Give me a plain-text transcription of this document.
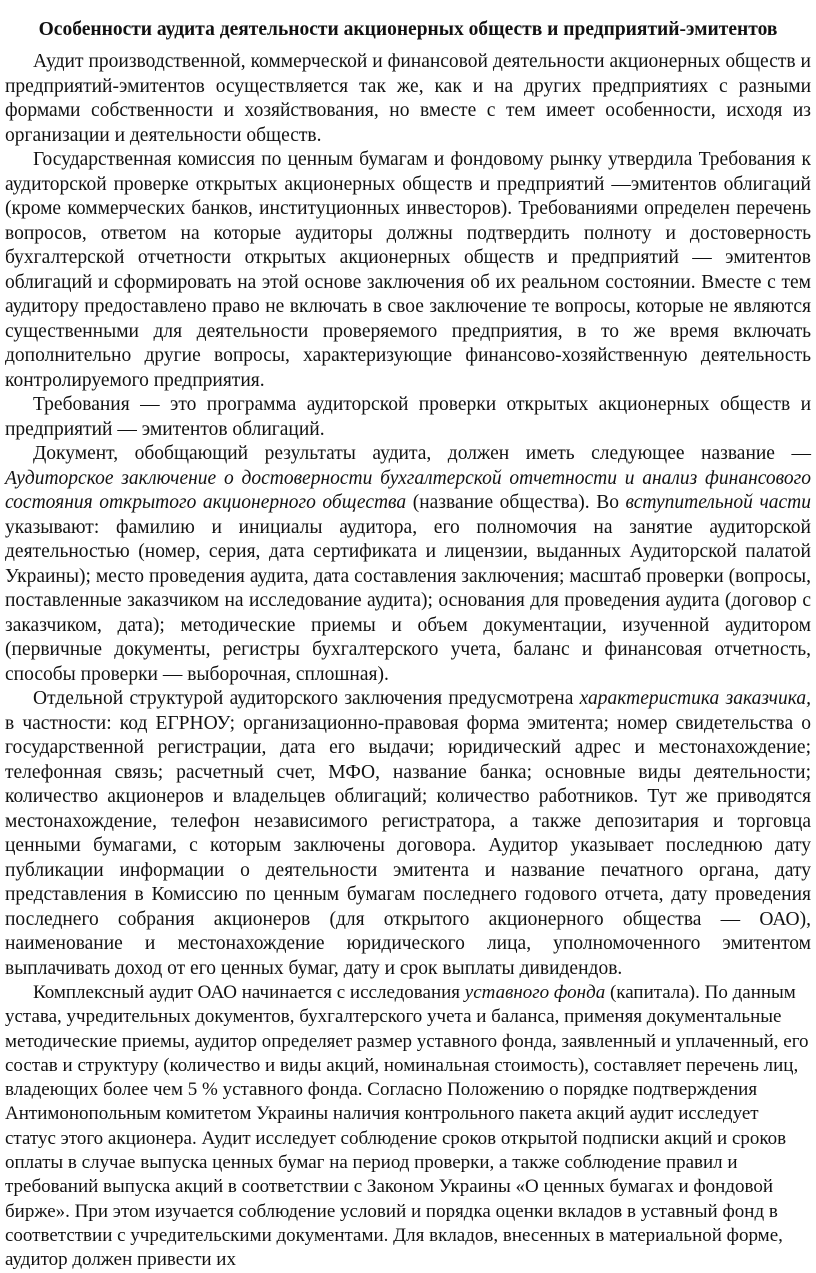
Особенности аудита деятельности акционерных обществ и предприятий-эмитентов

Аудит производственной, коммерческой и финансовой деятельности акционерных обществ и предприятий-эмитентов осуществляется так же, как и на других предприятиях с разными формами собственности и хозяйствования, но вместе с тем имеет особенности, исходя из организации и деятельности обществ.

Государственная комиссия по ценным бумагам и фондовому рынку утвердила Требования к аудиторской проверке открытых акционерных обществ и предприятий —эмитентов облигаций (кроме коммерческих банков, институционных инвесторов). Требованиями определен перечень вопросов, ответом на которые аудиторы должны подтвердить полноту и достоверность бухгалтерской отчетности открытых акционерных обществ и предприятий — эмитентов облигаций и сформировать на этой основе заключения об их реальном состоянии. Вместе с тем аудитору предоставлено право не включать в свое заключение те вопросы, которые не являются существенными для деятельности проверяемого предприятия, в то же время включать дополнительно другие вопросы, характеризующие финансово-хозяйственную деятельность контролируемого предприятия.

Требования — это программа аудиторской проверки открытых акционерных обществ и предприятий — эмитентов облигаций.

Документ, обобщающий результаты аудита, должен иметь следующее название — Аудиторское заключение о достоверности бухгалтерской отчетности и анализ финансового состояния открытого акционерного общества (название общества). Во вступительной части указывают: фамилию и инициалы аудитора, его полномочия на занятие аудиторской деятельностью (номер, серия, дата сертификата и лицензии, выданных Аудиторской палатой Украины); место проведения аудита, дата составления заключения; масштаб проверки (вопросы, поставленные заказчиком на исследование аудита); основания для проведения аудита (договор с заказчиком, дата); методические приемы и объем документации, изученной аудитором (первичные документы, регистры бухгалтерского учета, баланс и финансовая отчетность, способы проверки — выборочная, сплошная).

Отдельной структурой аудиторского заключения предусмотрена характеристика заказчика, в частности: код ЕГРНОУ; организационно-правовая форма эмитента; номер свидетельства о государственной регистрации, дата его выдачи; юридический адрес и местонахождение; телефонная связь; расчетный счет, МФО, название банка; основные виды деятельности; количество акционеров и владельцев облигаций; количество работников. Тут же приводятся местонахождение, телефон независимого регистратора, а также депозитария и торговца ценными бумагами, с которым заключены договора. Аудитор указывает последнюю дату публикации информации о деятельности эмитента и название печатного органа, дату представления в Комиссию по ценным бумагам последнего годового отчета, дату проведения последнего собрания акционеров (для открытого акционерного общества — ОАО), наименование и местонахождение юридического лица, уполномоченного эмитентом выплачивать доход от его ценных бумаг, дату и срок выплаты дивидендов.

Комплексный аудит ОАО начинается с исследования уставного фонда (капитала). По данным устава, учредительных документов, бухгалтерского учета и баланса, применяя документальные методические приемы, аудитор определяет размер уставного фонда, заявленный и уплаченный, его состав и структуру (количество и виды акций, номинальная стоимость), составляет перечень лиц, владеющих более чем 5 % уставного фонда. Согласно Положению о порядке подтверждения Антимонопольным комитетом Украины наличия контрольного пакета акций аудит исследует статус этого акционера. Аудит исследует соблюдение сроков открытой подписки акций и сроков оплаты в случае выпуска ценных бумаг на период проверки, а также соблюдение правил и требований выпуска акций в соответствии с Законом Украины «О ценных бумагах и фондовой бирже». При этом изучается соблюдение условий и порядка оценки вкладов в уставный фонд в соответствии с учредительскими документами. Для вкладов, внесенных в материальной форме, аудитор должен привести их
